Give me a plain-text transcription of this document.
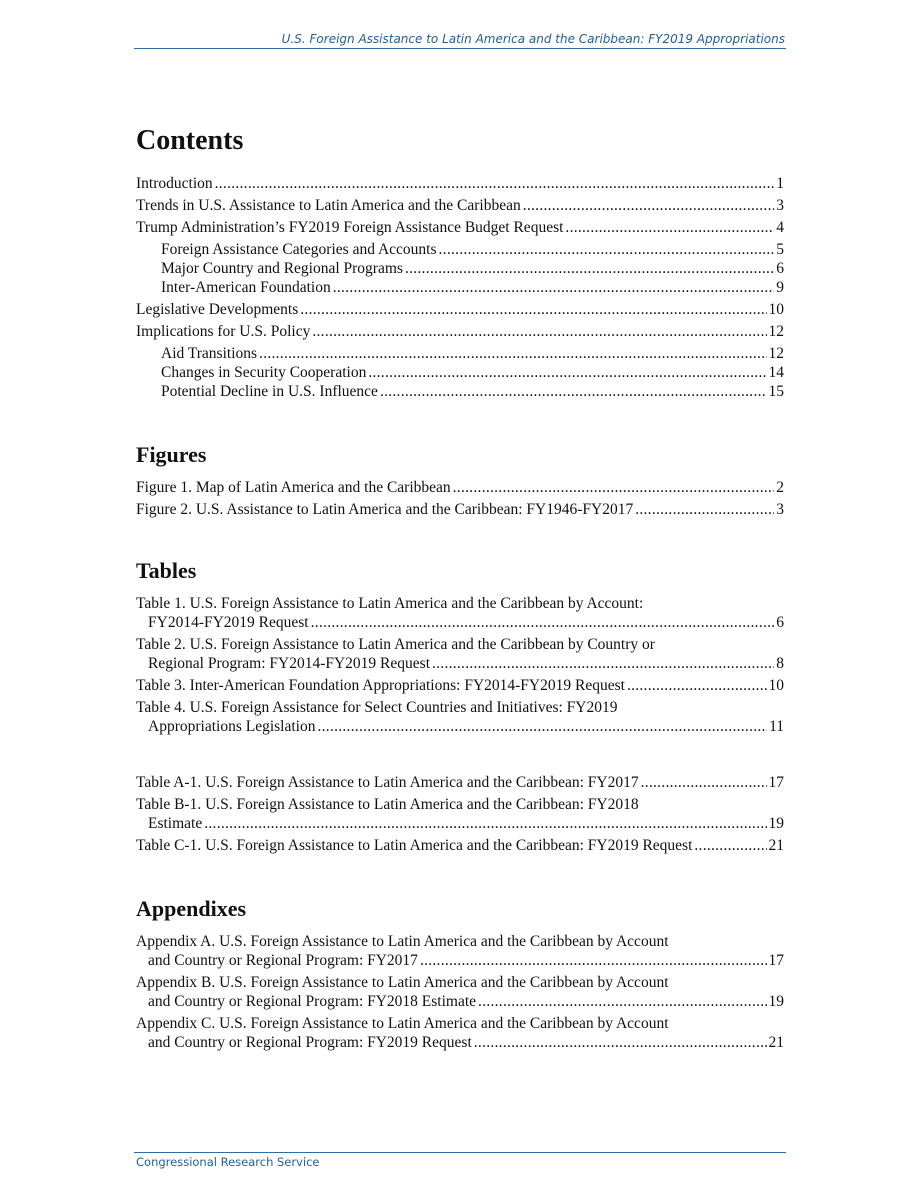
U.S. Foreign Assistance to Latin America and the Caribbean: FY2019 Appropriations
Contents
Introduction . . .	1
Trends in U.S. Assistance to Latin America and the Caribbean . . .	3
Trump Administration’s FY2019 Foreign Assistance Budget Request . . .	4
Foreign Assistance Categories and Accounts . . .	5
Major Country and Regional Programs . . .	6
Inter-American Foundation . . .	9
Legislative Developments . . .	10
Implications for U.S. Policy . . .	12
Aid Transitions . . .	12
Changes in Security Cooperation . . .	14
Potential Decline in U.S. Influence . . .	15
Figures
Figure 1. Map of Latin America and the Caribbean . . .	2
Figure 2. U.S. Assistance to Latin America and the Caribbean: FY1946-FY2017 . . .	3
Tables
Table 1. U.S. Foreign Assistance to Latin America and the Caribbean by Account:
FY2014-FY2019 Request . . .	6
Table 2. U.S. Foreign Assistance to Latin America and the Caribbean by Country or
Regional Program: FY2014-FY2019 Request . . .	8
Table 3. Inter-American Foundation Appropriations: FY2014-FY2019 Request . . .	10
Table 4. U.S. Foreign Assistance for Select Countries and Initiatives: FY2019
Appropriations Legislation . . .	11
Table A-1. U.S. Foreign Assistance to Latin America and the Caribbean: FY2017 . . .	17
Table B-1. U.S. Foreign Assistance to Latin America and the Caribbean: FY2018
Estimate . . .	19
Table C-1. U.S. Foreign Assistance to Latin America and the Caribbean: FY2019 Request . . .	21
Appendixes
Appendix A. U.S. Foreign Assistance to Latin America and the Caribbean by Account
and Country or Regional Program: FY2017 . . .	17
Appendix B. U.S. Foreign Assistance to Latin America and the Caribbean by Account
and Country or Regional Program: FY2018 Estimate . . .	19
Appendix C. U.S. Foreign Assistance to Latin America and the Caribbean by Account
and Country or Regional Program: FY2019 Request . . .	21
Congressional Research Service
